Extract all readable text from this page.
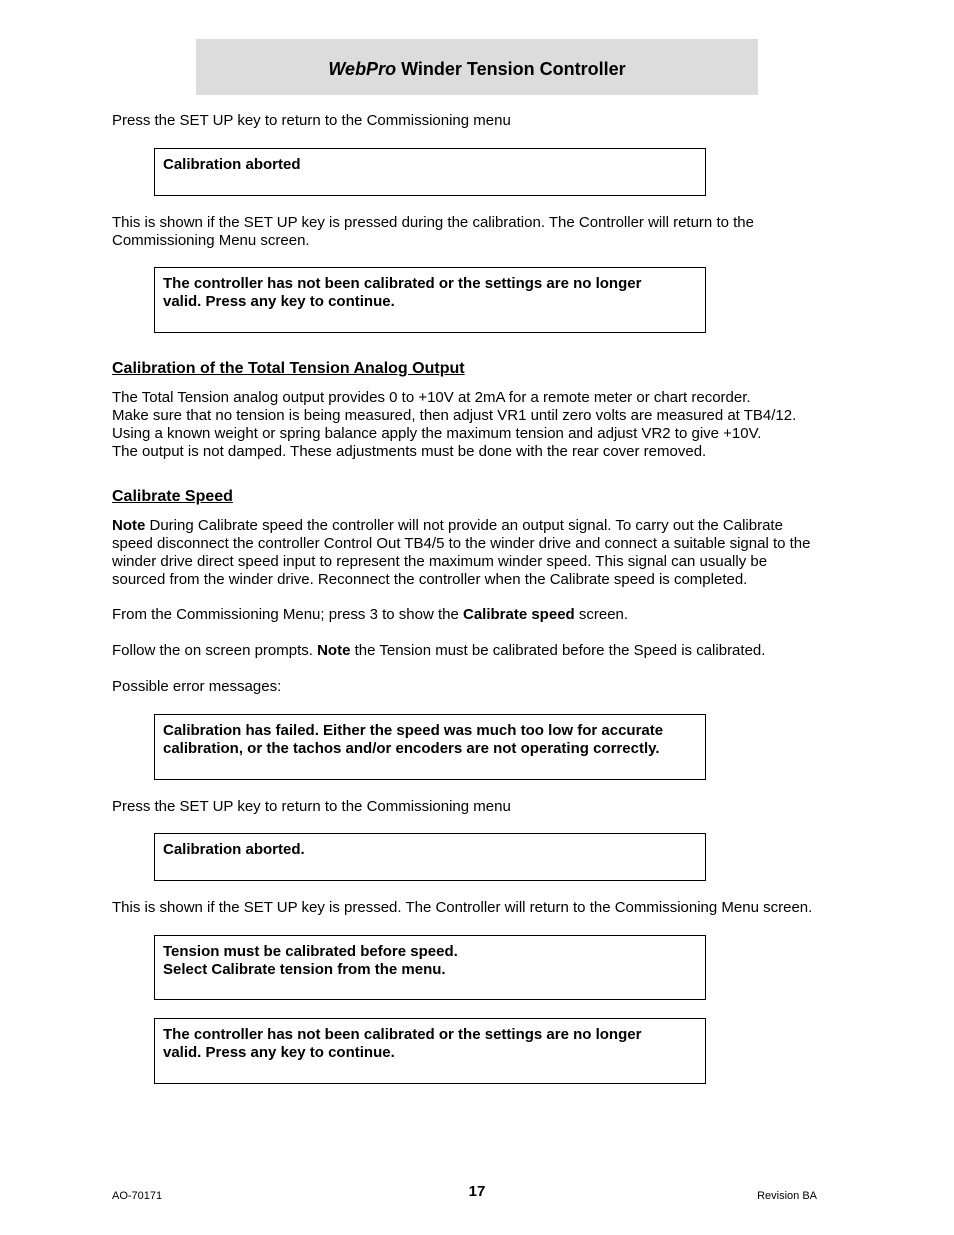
WebPro Winder Tension Controller

Press the SET UP key to return to the Commissioning menu

Calibration aborted

This is shown if the SET UP key is pressed during the calibration. The Controller will return to the
Commissioning Menu screen.

The controller has not been calibrated or the settings are no longer
valid. Press any key to continue.
Calibration of the Total Tension Analog Output

The Total Tension analog output provides 0 to +10V at 2mA for a remote meter or chart recorder.
Make sure that no tension is being measured, then adjust VR1 until zero volts are measured at TB4/12.
Using a known weight or spring balance apply the maximum tension and adjust VR2 to give +10V.
The output is not damped. These adjustments must be done with the rear cover removed.

Calibrate Speed

Note During Calibrate speed the controller will not provide an output signal. To carry out the Calibrate
speed disconnect the controller Control Out TB4/5 to the winder drive and connect a suitable signal to the
winder drive direct speed input to represent the maximum winder speed. This signal can usually be
sourced from the winder drive. Reconnect the controller when the Calibrate speed is completed.

From the Commissioning Menu; press 3 to show the Calibrate speed screen.

Follow the on screen prompts. Note the Tension must be calibrated before the Speed is calibrated.

Possible error messages:

Calibration has failed. Either the speed was much too low for accurate
calibration, or the tachos and/or encoders are not operating correctly.

Press the SET UP key to return to the Commissioning menu

Calibration aborted.

This is shown if the SET UP key is pressed. The Controller will return to the Commissioning Menu screen.

Tension must be calibrated before speed.
Select Calibrate tension from the menu.
The controller has not been calibrated or the settings are no longer
valid. Press any key to continue.
AO-70171	17	Revision BA
